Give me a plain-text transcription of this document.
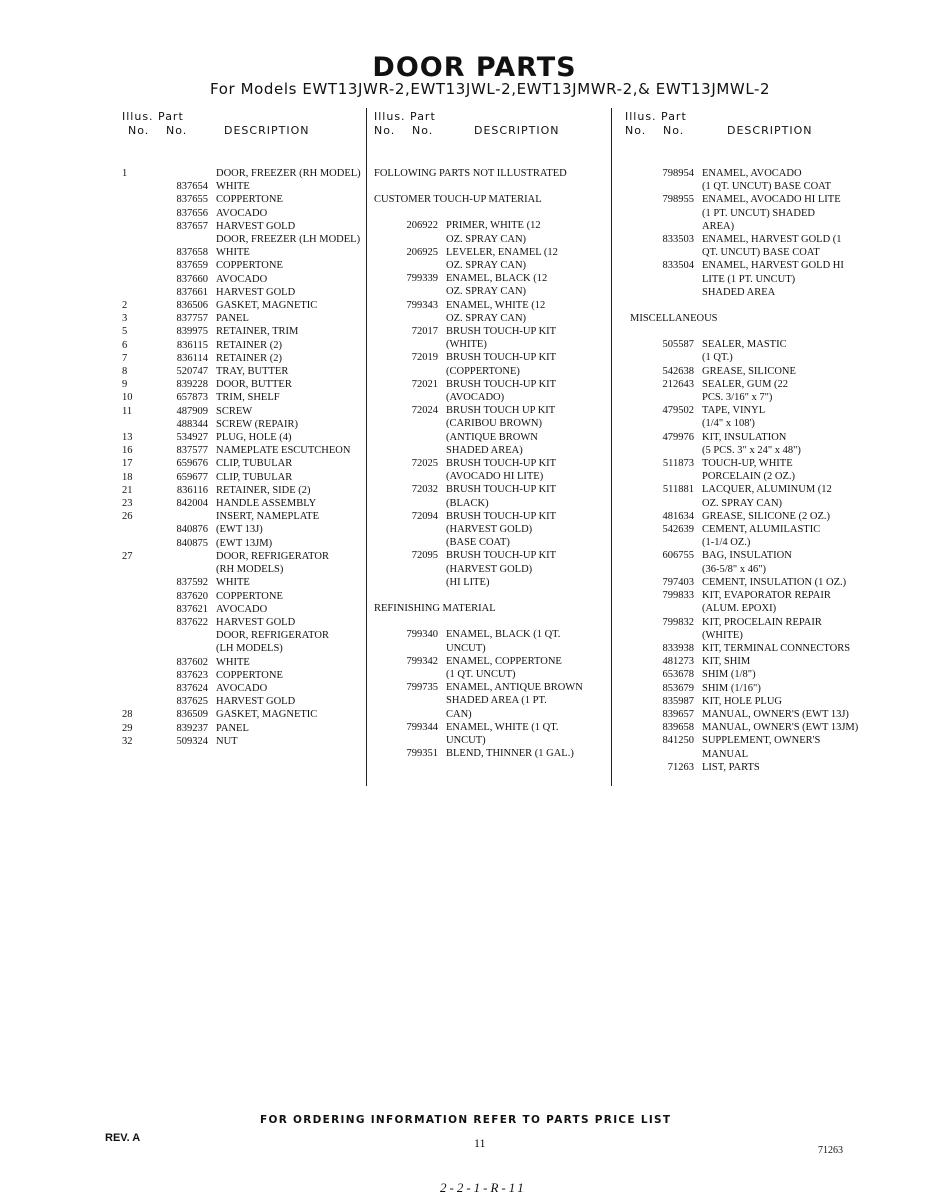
DOOR PARTS
For Models EWT13JWR-2,EWT13JWL-2,EWT13JMWR-2,& EWT13JMWL-2
Illus. Part
No.	No.	DESCRIPTION
Illus. Part
No.	No.	DESCRIPTION
Illus. Part
No.	No.	DESCRIPTION
1	DOOR, FREEZER (RH MODEL)
837654 WHITE
837655 COPPERTONE
837656 AVOCADO
837657 HARVEST GOLD
DOOR, FREEZER (LH MODEL)
837658 WHITE
837659 COPPERTONE
837660 AVOCADO
837661 HARVEST GOLD
2	836506 GASKET, MAGNETIC
3	837757 PANEL
5	839975 RETAINER, TRIM
6	836115 RETAINER (2)
7	836114 RETAINER (2)
8	520747 TRAY, BUTTER
9	839228 DOOR, BUTTER
10	657873 TRIM, SHELF
11	487909 SCREW
488344 SCREW (REPAIR)
13	534927 PLUG, HOLE (4)
16	837577 NAMEPLATE ESCUTCHEON
17	659676 CLIP, TUBULAR
18	659677 CLIP, TUBULAR
21	836116 RETAINER, SIDE (2)
23	842004 HANDLE ASSEMBLY
26	INSERT, NAMEPLATE
840876 (EWT 13J)
840875 (EWT 13JM)
27	DOOR, REFRIGERATOR
(RH MODELS)
837592 WHITE
837620 COPPERTONE
837621 AVOCADO
837622 HARVEST GOLD
DOOR, REFRIGERATOR
(LH MODELS)
837602 WHITE
837623 COPPERTONE
837624 AVOCADO
837625 HARVEST GOLD
28	836509 GASKET, MAGNETIC
29	839237 PANEL
32	509324 NUT
FOLLOWING PARTS NOT ILLUSTRATED
CUSTOMER TOUCH-UP MATERIAL
206922 PRIMER, WHITE (12
OZ. SPRAY CAN)
206925 LEVELER, ENAMEL (12
OZ. SPRAY CAN)
799339 ENAMEL, BLACK (12
OZ. SPRAY CAN)
799343 ENAMEL, WHITE (12
OZ. SPRAY CAN)
72017 BRUSH TOUCH-UP KIT
(WHITE)
72019 BRUSH TOUCH-UP KIT
(COPPERTONE)
72021 BRUSH TOUCH-UP KIT
(AVOCADO)
72024 BRUSH TOUCH UP KIT
(CARIBOU BROWN)
(ANTIQUE BROWN
SHADED AREA)
72025 BRUSH TOUCH-UP KIT
(AVOCADO HI LITE)
72032 BRUSH TOUCH-UP KIT
(BLACK)
72094 BRUSH TOUCH-UP KIT
(HARVEST GOLD)
(BASE COAT)
72095 BRUSH TOUCH-UP KIT
(HARVEST GOLD)
(HI LITE)
REFINISHING MATERIAL
799340 ENAMEL, BLACK (1 QT.
UNCUT)
799342 ENAMEL, COPPERTONE
(1 QT. UNCUT)
799735 ENAMEL, ANTIQUE BROWN
SHADED AREA (1 PT.
CAN)
799344 ENAMEL, WHITE (1 QT.
UNCUT)
799351 BLEND, THINNER (1 GAL.)
798954 ENAMEL, AVOCADO
(1 QT. UNCUT) BASE COAT
798955 ENAMEL, AVOCADO HI LITE
(1 PT. UNCUT) SHADED
AREA)
833503 ENAMEL, HARVEST GOLD (1
QT. UNCUT) BASE COAT
833504 ENAMEL, HARVEST GOLD HI
LITE (1 PT. UNCUT)
SHADED AREA
MISCELLANEOUS
505587 SEALER, MASTIC
(1 QT.)
542638 GREASE, SILICONE
212643 SEALER, GUM (22
PCS. 3/16" x 7")
479502 TAPE, VINYL
(1/4" x 108')
479976 KIT, INSULATION
(5 PCS. 3" x 24" x 48")
511873 TOUCH-UP, WHITE
PORCELAIN (2 OZ.)
511881 LACQUER, ALUMINUM (12
OZ. SPRAY CAN)
481634 GREASE, SILICONE (2 OZ.)
542639 CEMENT, ALUMILASTIC
(1-1/4 OZ.)
606755 BAG, INSULATION
(36-5/8" x 46")
797403 CEMENT, INSULATION (1 OZ.)
799833 KIT, EVAPORATOR REPAIR
(ALUM. EPOXI)
799832 KIT, PROCELAIN REPAIR
(WHITE)
833938 KIT, TERMINAL CONNECTORS
481273 KIT, SHIM
653678 SHIM (1/8")
853679 SHIM (1/16")
835987 KIT, HOLE PLUG
839657 MANUAL, OWNER'S (EWT 13J)
839658 MANUAL, OWNER'S (EWT 13JM)
841250 SUPPLEMENT, OWNER'S
MANUAL
71263 LIST, PARTS
FOR ORDERING INFORMATION REFER TO PARTS PRICE LIST
REV. A	11
71263
2-2-1-R-11
